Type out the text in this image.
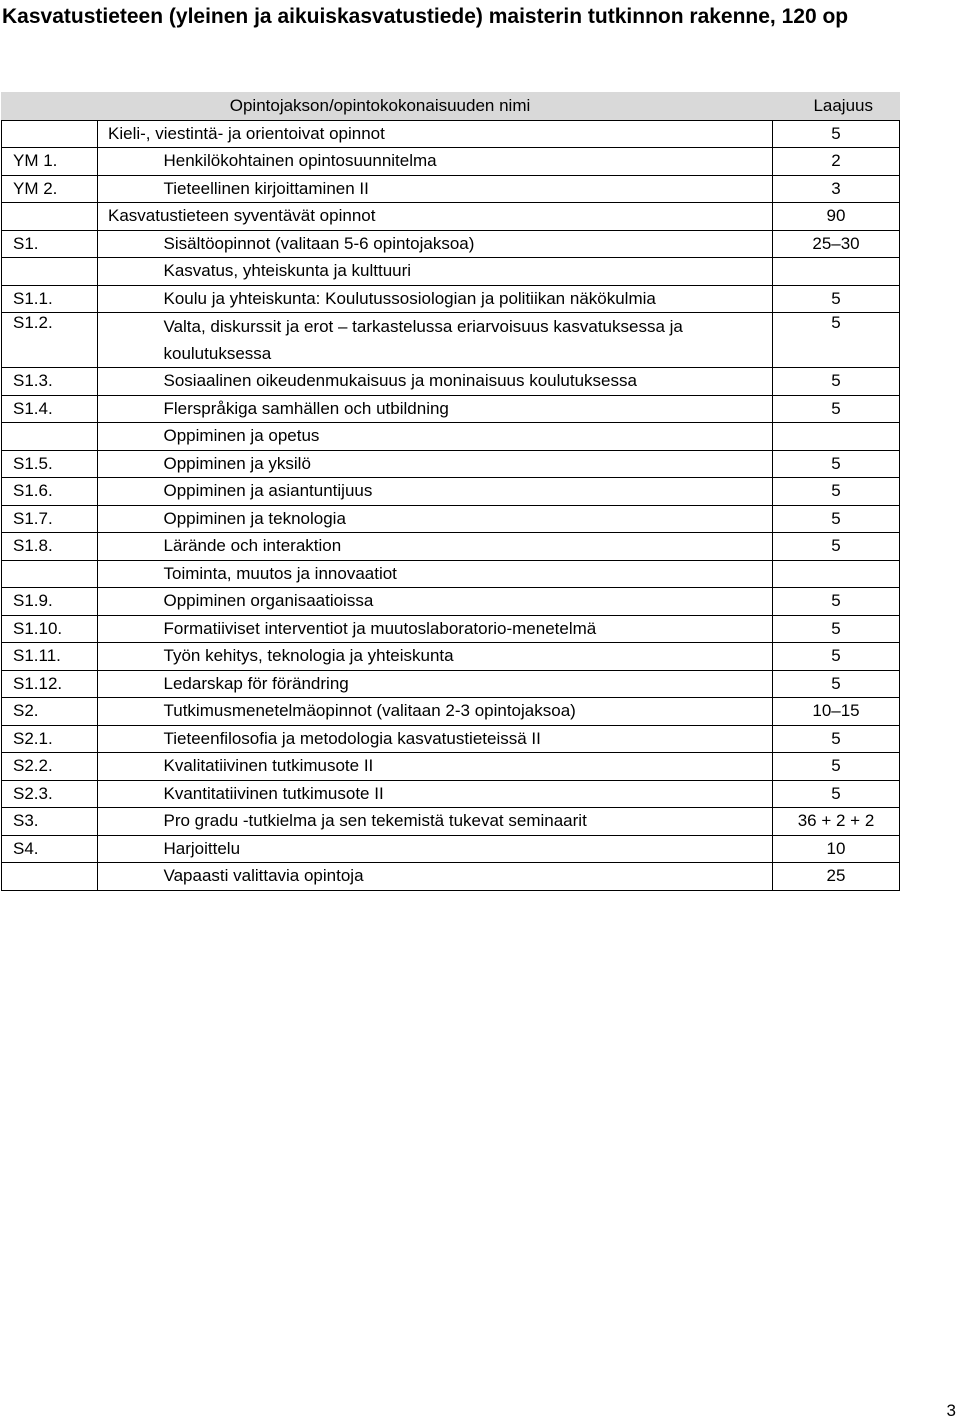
Kasvatustieteen (yleinen ja aikuiskasvatustiede) maisterin tutkinnon rakenne, 120 op
	Opintojakson/opintokokonaisuuden nimi		Laajuus
	Kieli-, viestintä- ja orientoivat opinnot		5
YM 1.		Henkilökohtainen opintosuunnitelma	2
YM 2.		Tieteellinen kirjoittaminen II	3
	Kasvatustieteen syventävät opinnot		90
S1.		Sisältöopinnot (valitaan 5-6 opintojaksoa)	25–30
		Kasvatus, yhteiskunta ja kulttuuri	
S1.1.		Koulu ja yhteiskunta: Koulutussosiologian ja politiikan näkökulmia	5
S1.2.		Valta, diskurssit ja erot – tarkastelussa eriarvoisuus kasvatuksessa ja koulutuksessa	5
S1.3.		Sosiaalinen oikeudenmukaisuus ja moninaisuus koulutuksessa	5
S1.4.		Flerspråkiga samhällen och utbildning	5
		Oppiminen ja opetus	
S1.5.		Oppiminen ja yksilö	5
S1.6.		Oppiminen ja asiantuntijuus	5
S1.7.		Oppiminen ja teknologia	5
S1.8.		Lärände och interaktion	5
		Toiminta, muutos ja innovaatiot	
S1.9.		Oppiminen organisaatioissa	5
S1.10.		Formatiiviset interventiot ja muutoslaboratorio-menetelmä	5
S1.11.		Työn kehitys, teknologia ja yhteiskunta	5
S1.12.		Ledarskap för förändring	5
S2.		Tutkimusmenetelmäopinnot (valitaan 2-3 opintojaksoa)	10–15
S2.1.		Tieteenfilosofia ja metodologia kasvatustieteissä II	5
S2.2.		Kvalitatiivinen tutkimusote II	5
S2.3.		Kvantitatiivinen tutkimusote II	5
S3.		Pro gradu -tutkielma ja sen tekemistä tukevat seminaarit	36 + 2 + 2
S4.		Harjoittelu	10
		Vapaasti valittavia opintoja	25
3
